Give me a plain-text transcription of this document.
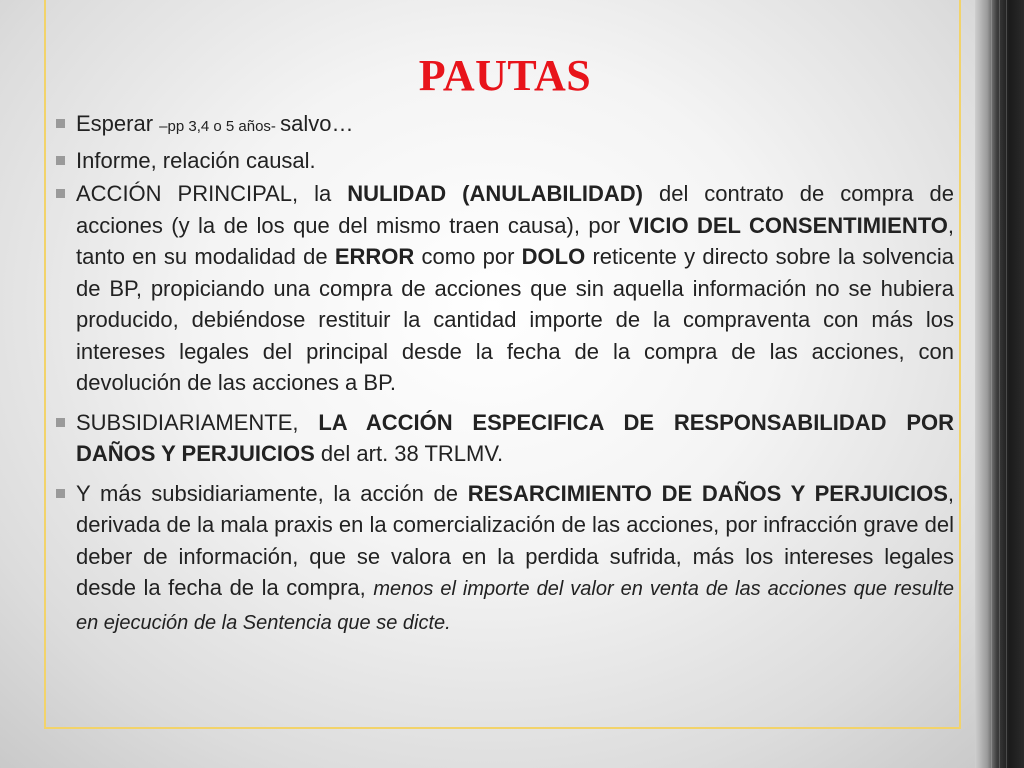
PAUTAS
Esperar –pp 3,4 o 5 años- salvo…
Informe, relación causal.
ACCIÓN PRINCIPAL, la NULIDAD (ANULABILIDAD) del contrato de compra de acciones (y la de los que del mismo traen causa), por VICIO DEL CONSENTIMIENTO, tanto en su modalidad de ERROR como por DOLO reticente y directo sobre la solvencia de BP, propiciando una compra de acciones que sin aquella información no se hubiera producido, debiéndose restituir la cantidad importe de la compraventa con más los intereses legales del principal desde la fecha de la compra de las acciones, con devolución de las acciones a BP.
SUBSIDIARIAMENTE, LA ACCIÓN ESPECIFICA DE RESPONSABILIDAD POR DAÑOS Y PERJUICIOS del art. 38 TRLMV.
Y más subsidiariamente, la acción de RESARCIMIENTO DE DAÑOS Y PERJUICIOS, derivada de la mala praxis en la comercialización de las acciones, por infracción grave del deber de información, que se valora en la perdida sufrida, más los intereses legales desde la fecha de la compra, menos el importe del valor en venta de las acciones que resulte en ejecución de la Sentencia que se dicte.
